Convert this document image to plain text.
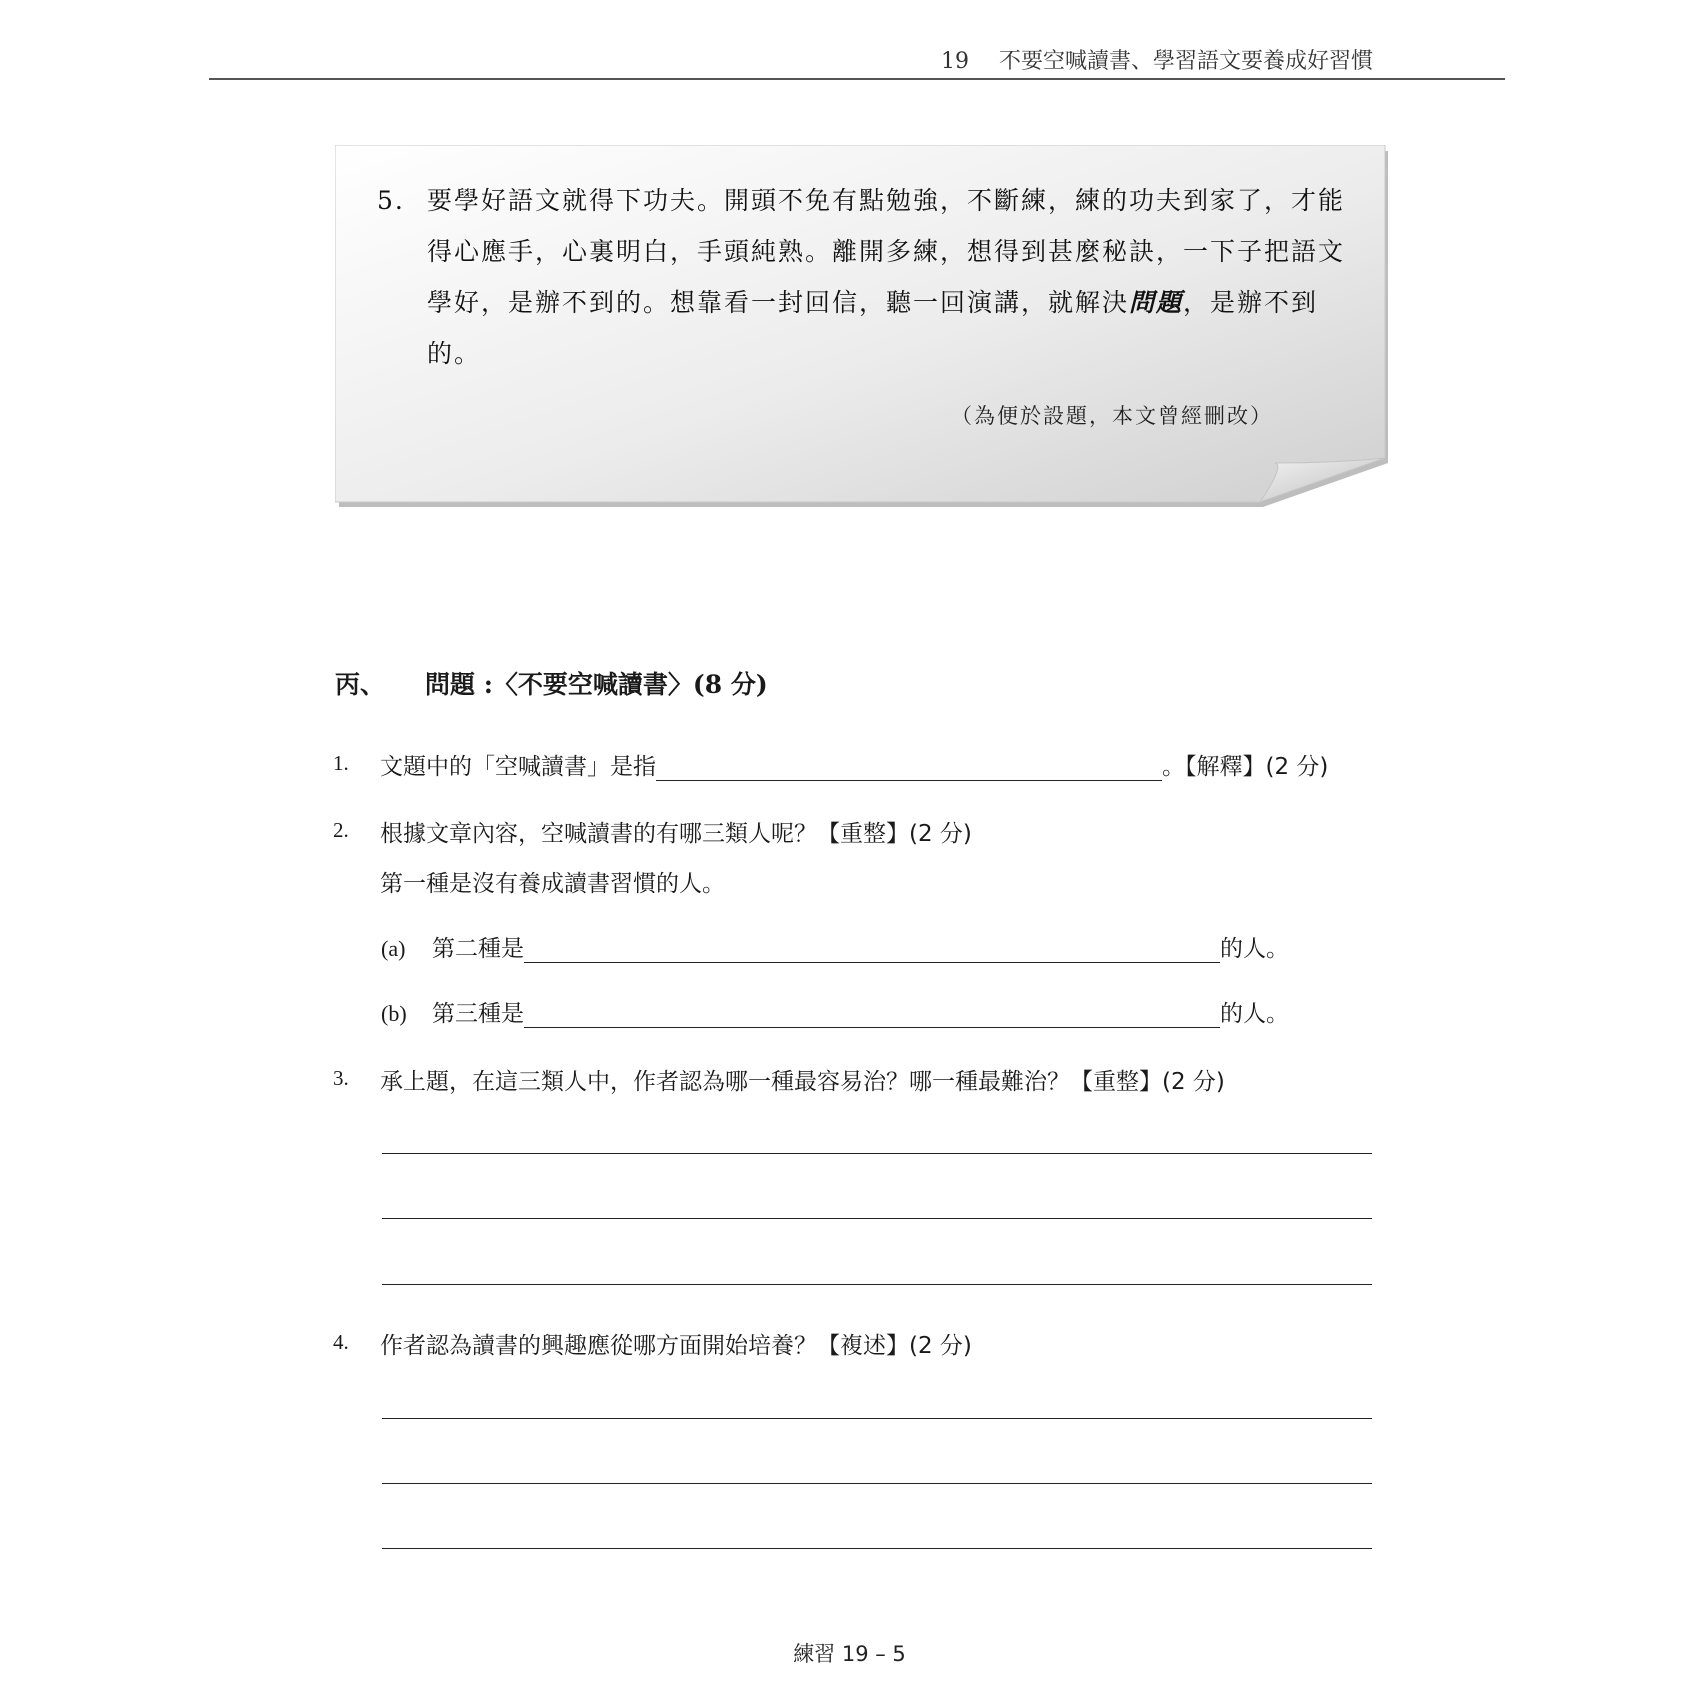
19 不要空喊讀書、學習語文要養成好習慣
5. 要學好語文就得下功夫。開頭不免有點勉強，不斷練，練的功夫到家了，才能得心應手，心裏明白，手頭純熟。離開多練，想得到甚麼秘訣，一下子把語文學好，是辦不到的。想靠看一封回信，聽一回演講，就解決問題，是辦不到的。
（為便於設題，本文曾經刪改）
丙、 問題 :〈不要空喊讀書〉(8 分)
1. 文題中的「空喊讀書」是指	。【解釋】(2 分)
2. 根據文章內容，空喊讀書的有哪三類人呢？【重整】(2 分)
第一種是沒有養成讀書習慣的人。
(a) 第二種是	的人。
(b) 第三種是	的人。
3. 承上題，在這三類人中，作者認為哪一種最容易治？哪一種最難治？【重整】(2 分)
4. 作者認為讀書的興趣應從哪方面開始培養？【複述】(2 分)
練習 19 – 5
